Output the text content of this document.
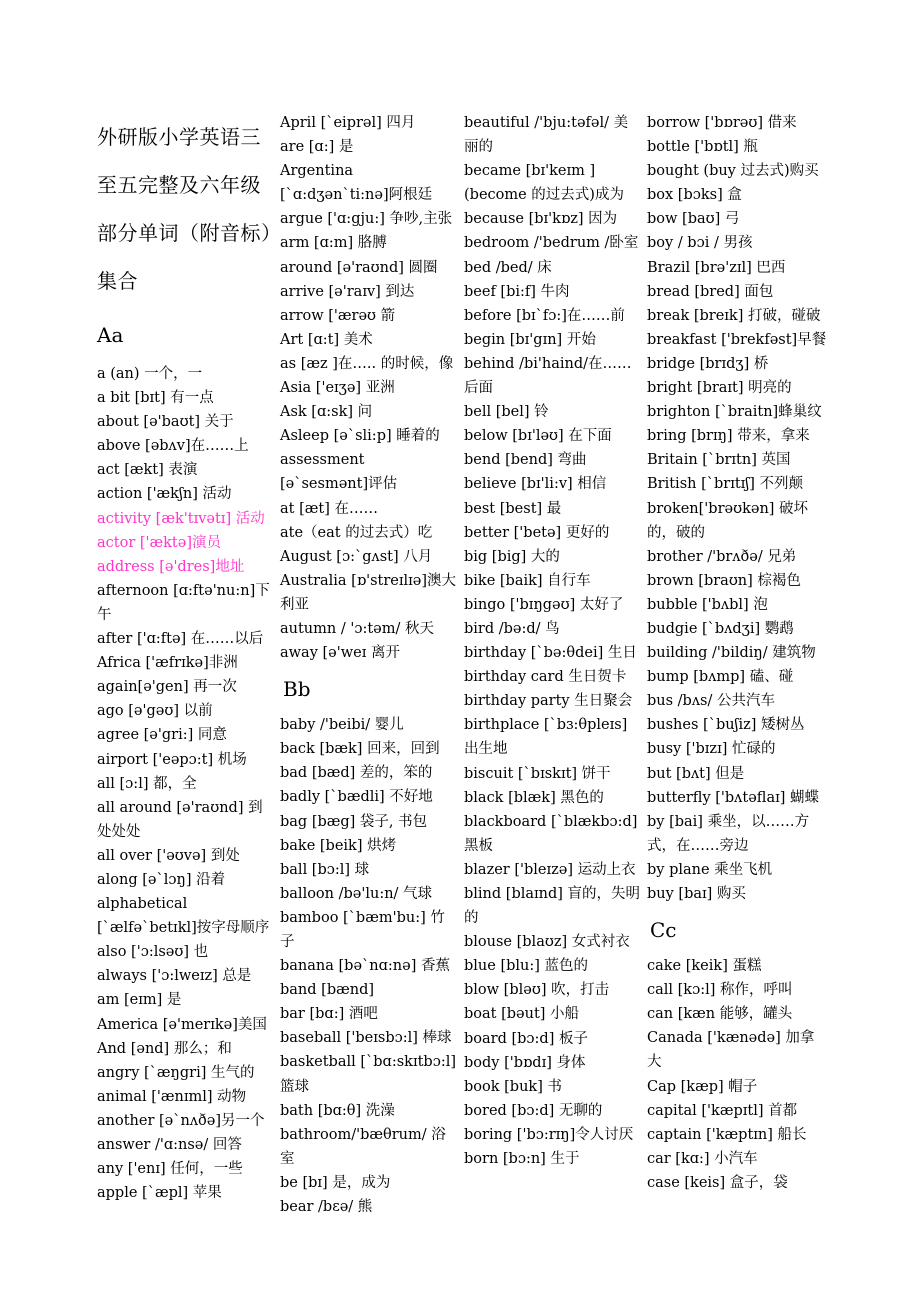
外研版小学英语三
至五完整及六年级
部分单词（附音标）
集合
Aa
a (an) 一个，一
a bit [bɪt] 有一点
about [ə'baʊt] 关于
above [əbʌv]在……上
act [ækt] 表演
action ['ækʃn] 活动
activity [æk'tɪvətɪ] 活动
actor ['æktə]演员
address [ə'dres]地址
afternoon [ɑ:ftə'nu:n]下午
after ['ɑ:ftə] 在……以后
Africa ['æfrɪkə]非洲
again[ə'gen] 再一次
ago [ə'gəʊ] 以前
agree [ə'gri:] 同意
airport ['eəpɔ:t] 机场
all [ɔ:l] 都，全
all around [ə'raʊnd] 到处处处
all over ['əʊvə] 到处
along [ə`lɔŋ] 沿着
alphabetical [`ælfə`betɪkl]按字母顺序
also ['ɔ:lsəʊ] 也
always ['ɔ:lweɪz] 总是
am [eɪm] 是
America [ə'merɪkə]美国
And [ənd] 那么；和
angry [`æŋgri] 生气的
animal ['ænɪml] 动物
another [ə`nʌðə]另一个
answer /'ɑ:nsə/ 回答
any ['enɪ] 任何，一些
apple [`æpl] 苹果
April [`eiprəl] 四月
are [ɑ:] 是
Argentina [`ɑ:dʒən`ti:nə]阿根廷
argue ['ɑ:gju:] 争吵,主张
arm [ɑ:m] 胳膊
around [ə'raʊnd] 圆圈
arrive [ə'raɪv] 到达
arrow ['ærəʊ 箭
Art [ɑ:t] 美术
as [æz ]在….. 的时候，像
Asia ['eɪʒə] 亚洲
Ask [ɑ:sk] 问
Asleep [ə`sli:p] 睡着的
assessment [ə`sesmənt]评估
at [æt] 在……
ate（eat 的过去式）吃
August [ɔ:`gʌst] 八月
Australia [ɒ'streɪlɪə]澳大利亚
autumn / 'ɔ:təm/ 秋天
away [ə'weɪ 离开
Bb
baby /'beibi/ 婴儿
back [bæk] 回来，回到
bad [bæd] 差的，笨的
badly [`bædli] 不好地
bag [bæg] 袋子, 书包
bake [beik] 烘烤
ball [bɔ:l] 球
balloon /bə'lu:n/ 气球
bamboo [`bæm'bu:] 竹子
banana [bə`nɑ:nə] 香蕉
band [bænd]
bar [bɑ:] 酒吧
baseball ['beɪsbɔ:l] 棒球
basketball [`bɑ:skɪtbɔ:l]篮球
bath [bɑ:θ] 洗澡
bathroom/'bæθrum/ 浴室
be [bɪ] 是，成为
bear /bɛə/ 熊
beautiful /'bju:təfəl/ 美丽的
became [bɪ'keɪm ]
(become 的过去式)成为
because [bɪ'kɒz] 因为
bedroom /'bedrum /卧室
bed /bed/ 床
beef [bi:f] 牛肉
before [bɪ`fɔ:]在……前
begin [bɪ'gɪn] 开始
behind /bi'haind/在……后面
bell [bel] 铃
below [bɪ'ləʊ] 在下面
bend [bend] 弯曲
believe [bɪ'li:v] 相信
best [best] 最
better ['betə] 更好的
big [big] 大的
bike [baik] 自行车
bingo ['bɪŋgəʊ] 太好了
bird /bə:d/ 鸟
birthday [`bə:θdei] 生日
birthday card 生日贺卡
birthday party 生日聚会
birthplace [`bɜ:θpleɪs]出生地
biscuit [`bɪskɪt] 饼干
black [blæk] 黑色的
blackboard [`blækbɔ:d] 黑板
blazer ['bleɪzə] 运动上衣
blind [blaɪnd] 盲的，失明的
blouse [blaʊz] 女式衬衣
blue [blu:] 蓝色的
blow [bləʊ] 吹，打击
boat [bəut] 小船
board [bɔ:d] 板子
body ['bɒdɪ] 身体
book [buk] 书
bored [bɔ:d] 无聊的
boring ['bɔ:rɪŋ]令人讨厌
born [bɔ:n] 生于
borrow ['bɒrəʊ] 借来
bottle ['bɒtl] 瓶
bought (buy 过去式)购买
box [bɔks] 盒
bow [baʊ] 弓
boy / bɔi / 男孩
Brazil [brə'zɪl] 巴西
bread [bred] 面包
break [breɪk] 打破，碰破
breakfast ['brekfəst]早餐
bridge [brɪdʒ] 桥
bright [braɪt] 明亮的
brighton [`braitn]蜂巢纹
bring [brɪŋ] 带来，拿来
Britain [`brɪtn] 英国
British [`brɪtɪʃ] 不列颠
broken['brəʊkən] 破坏的，破的
brother /'brʌðə/ 兄弟
brown [braʊn] 棕褐色
bubble ['bʌbl] 泡
budgie [`bʌdʒi] 鹦鹉
building /'bildiŋ/ 建筑物
bump [bʌmp] 磕、碰
bus /bʌs/ 公共汽车
bushes [`buʃiz] 矮树丛
busy ['bɪzɪ] 忙碌的
but [bʌt] 但是
butterfly ['bʌtəflaɪ] 蝴蝶
by [bai] 乘坐，以……方式，在……旁边
by plane 乘坐飞机
buy [baɪ] 购买
Cc
cake [keik] 蛋糕
call [kɔ:l] 称作，呼叫
can [kæn 能够，罐头
Canada ['kænədə] 加拿大
Cap [kæp] 帽子
capital ['kæpɪtl] 首都
captain ['kæptɪn] 船长
car [kɑ:] 小汽车
case [keis] 盒子，袋
